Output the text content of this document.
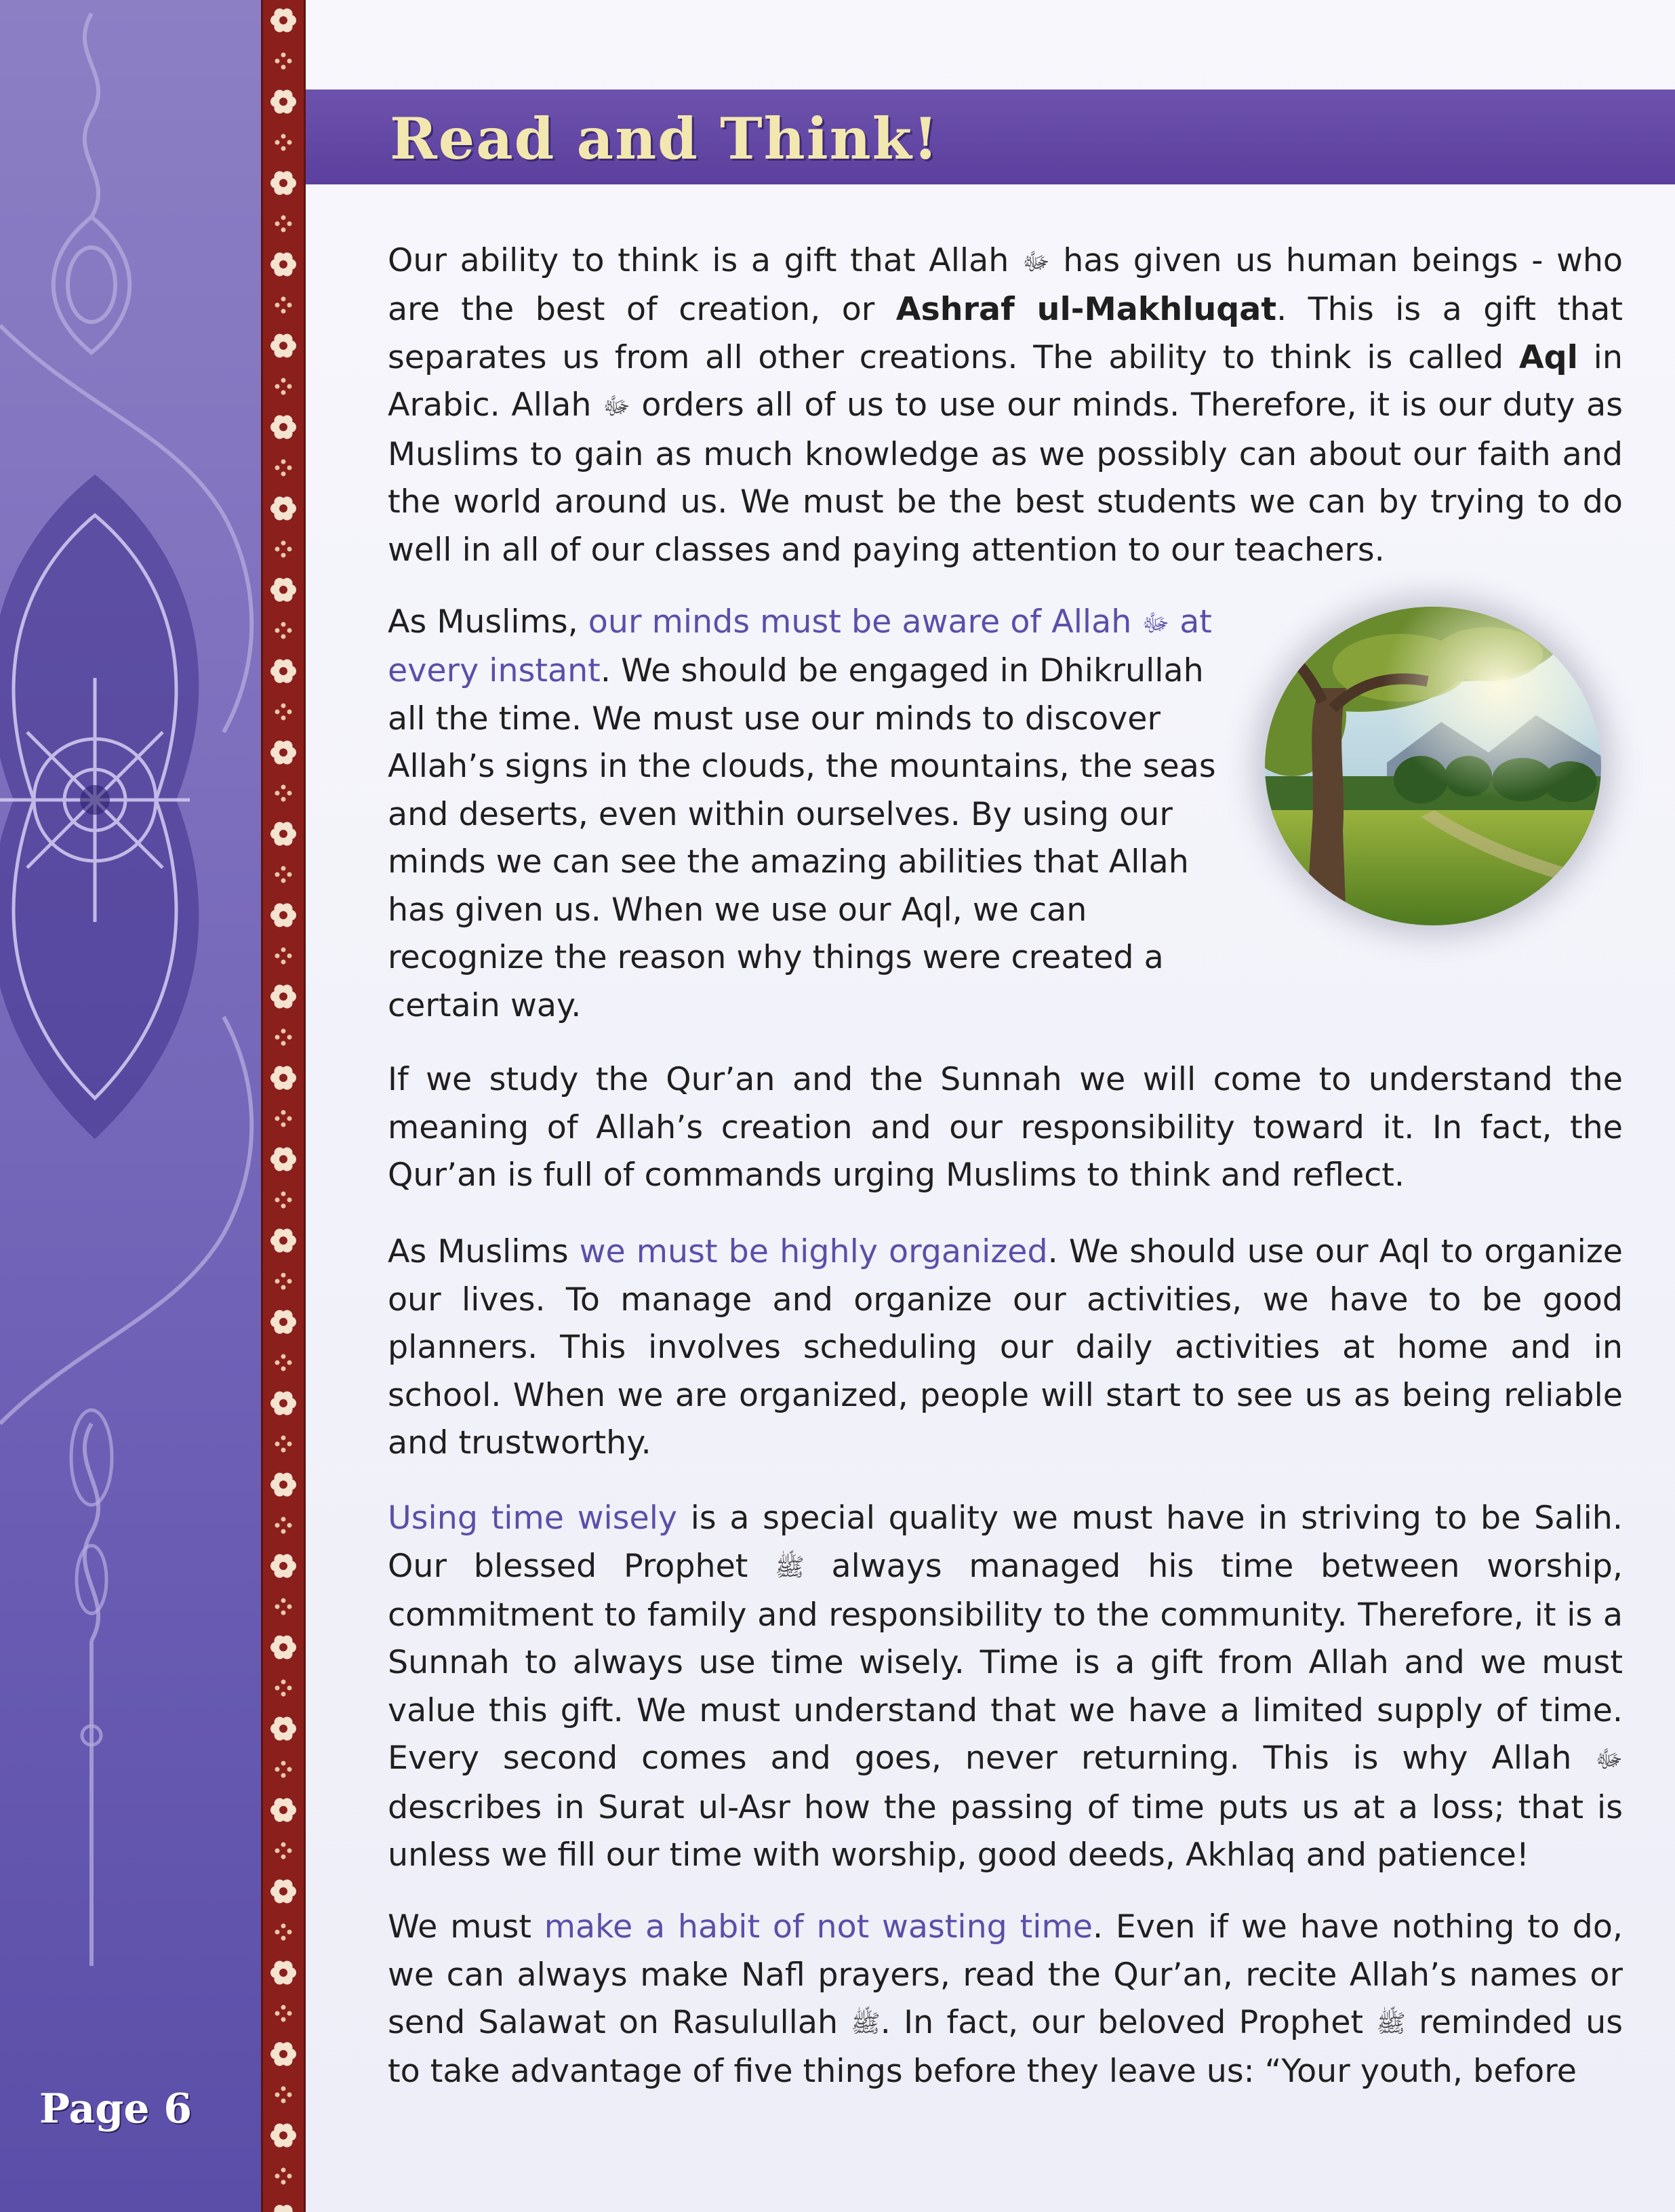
Read and Think!

Our ability to think is a gift that Allah ﷻ has given us human beings - who are the best of creation, or Ashraf ul-Makhluqat. This is a gift that separates us from all other creations. The ability to think is called Aql in Arabic. Allah ﷻ orders all of us to use our minds. Therefore, it is our duty as Muslims to gain as much knowledge as we possibly can about our faith and the world around us. We must be the best students we can by trying to do well in all of our classes and paying attention to our teachers.

As Muslims, our minds must be aware of Allah ﷻ at every instant. We should be engaged in Dhikrullah all the time. We must use our minds to discover Allah’s signs in the clouds, the mountains, the seas and deserts, even within ourselves. By using our minds we can see the amazing abilities that Allah has given us. When we use our Aql, we can recognize the reason why things were created a certain way.

If we study the Qur’an and the Sunnah we will come to understand the meaning of Allah’s creation and our responsibility toward it. In fact, the Qur’an is full of commands urging Muslims to think and reflect.

As Muslims we must be highly organized. We should use our Aql to organize our lives. To manage and organize our activities, we have to be good planners. This involves scheduling our daily activities at home and in school. When we are organized, people will start to see us as being reliable and trustworthy.

Using time wisely is a special quality we must have in striving to be Salih. Our blessed Prophet ﷺ always managed his time between worship, commitment to family and responsibility to the community. Therefore, it is a Sunnah to always use time wisely. Time is a gift from Allah and we must value this gift. We must understand that we have a limited supply of time. Every second comes and goes, never returning. This is why Allah ﷻ describes in Surat ul-Asr how the passing of time puts us at a loss; that is unless we fill our time with worship, good deeds, Akhlaq and patience!

We must make a habit of not wasting time. Even if we have nothing to do, we can always make Nafl prayers, read the Qur’an, recite Allah’s names or send Salawat on Rasulullah ﷺ. In fact, our beloved Prophet ﷺ reminded us to take advantage of five things before they leave us: “Your youth, before

Page 6
